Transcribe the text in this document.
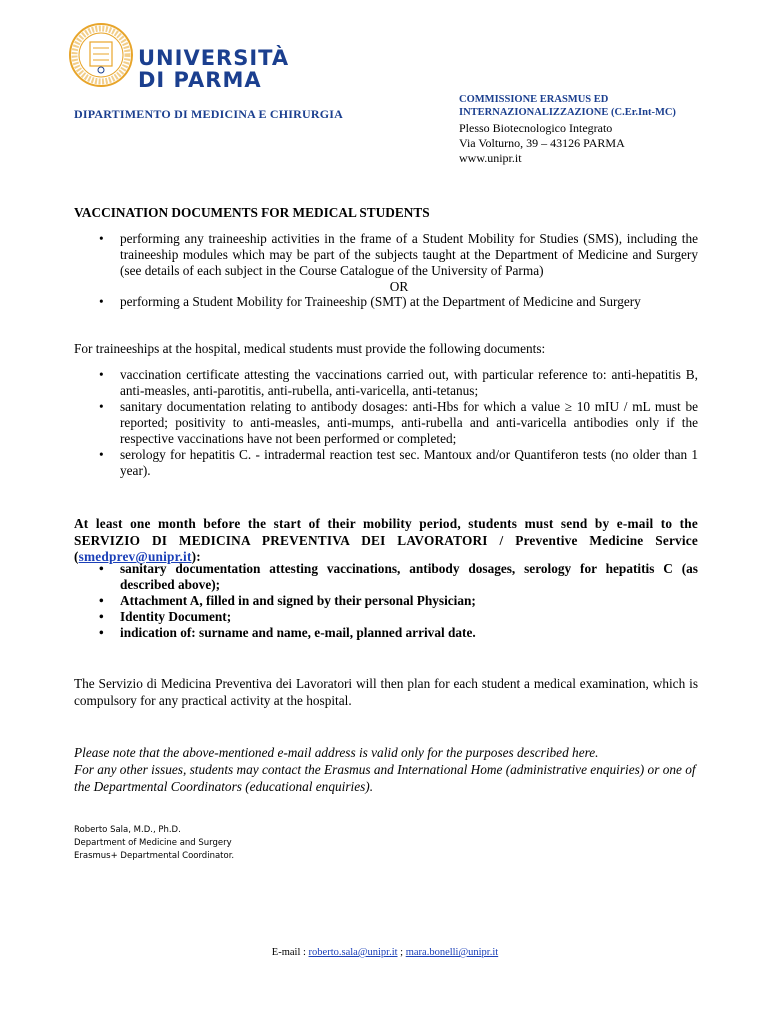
UNIVERSITÀ
DI PARMA
DIPARTIMENTO DI MEDICINA E CHIRURGIA
COMMISSIONE ERASMUS ED
INTERNAZIONALIZZAZIONE (C.Er.Int-MC)
Plesso Biotecnologico Integrato
Via Volturno, 39 – 43126 PARMA
www.unipr.it
VACCINATION DOCUMENTS FOR MEDICAL STUDENTS
• performing any traineeship activities in the frame of a Student Mobility for Studies (SMS), including the traineeship modules which may be part of the subjects taught at the Department of Medicine and Surgery (see details of each subject in the Course Catalogue of the University of Parma)
OR
• performing a Student Mobility for Traineeship (SMT) at the Department of Medicine and Surgery
For traineeships at the hospital, medical students must provide the following documents:
• vaccination certificate attesting the vaccinations carried out, with particular reference to: anti-hepatitis B, anti-measles, anti-parotitis, anti-rubella, anti-varicella, anti-tetanus;
• sanitary documentation relating to antibody dosages: anti-Hbs for which a value ≥ 10 mIU / mL must be reported; positivity to anti-measles, anti-mumps, anti-rubella and anti-varicella antibodies only if the respective vaccinations have not been performed or completed;
• serology for hepatitis C. - intradermal reaction test sec. Mantoux and/or Quantiferon tests (no older than 1 year).
At least one month before the start of their mobility period, students must send by e-mail to the SERVIZIO DI MEDICINA PREVENTIVA DEI LAVORATORI / Preventive Medicine Service (smedprev@unipr.it):
• sanitary documentation attesting vaccinations, antibody dosages, serology for hepatitis C (as described above);
• Attachment A, filled in and signed by their personal Physician;
• Identity Document;
• indication of: surname and name, e-mail, planned arrival date.
The Servizio di Medicina Preventiva dei Lavoratori will then plan for each student a medical examination, which is compulsory for any practical activity at the hospital.
Please note that the above-mentioned e-mail address is valid only for the purposes described here.
For any other issues, students may contact the Erasmus and International Home (administrative enquiries) or one of the Departmental Coordinators (educational enquiries).
Roberto Sala, M.D., Ph.D.
Department of Medicine and Surgery
Erasmus+ Departmental Coordinator.
E-mail : roberto.sala@unipr.it ; mara.bonelli@unipr.it
